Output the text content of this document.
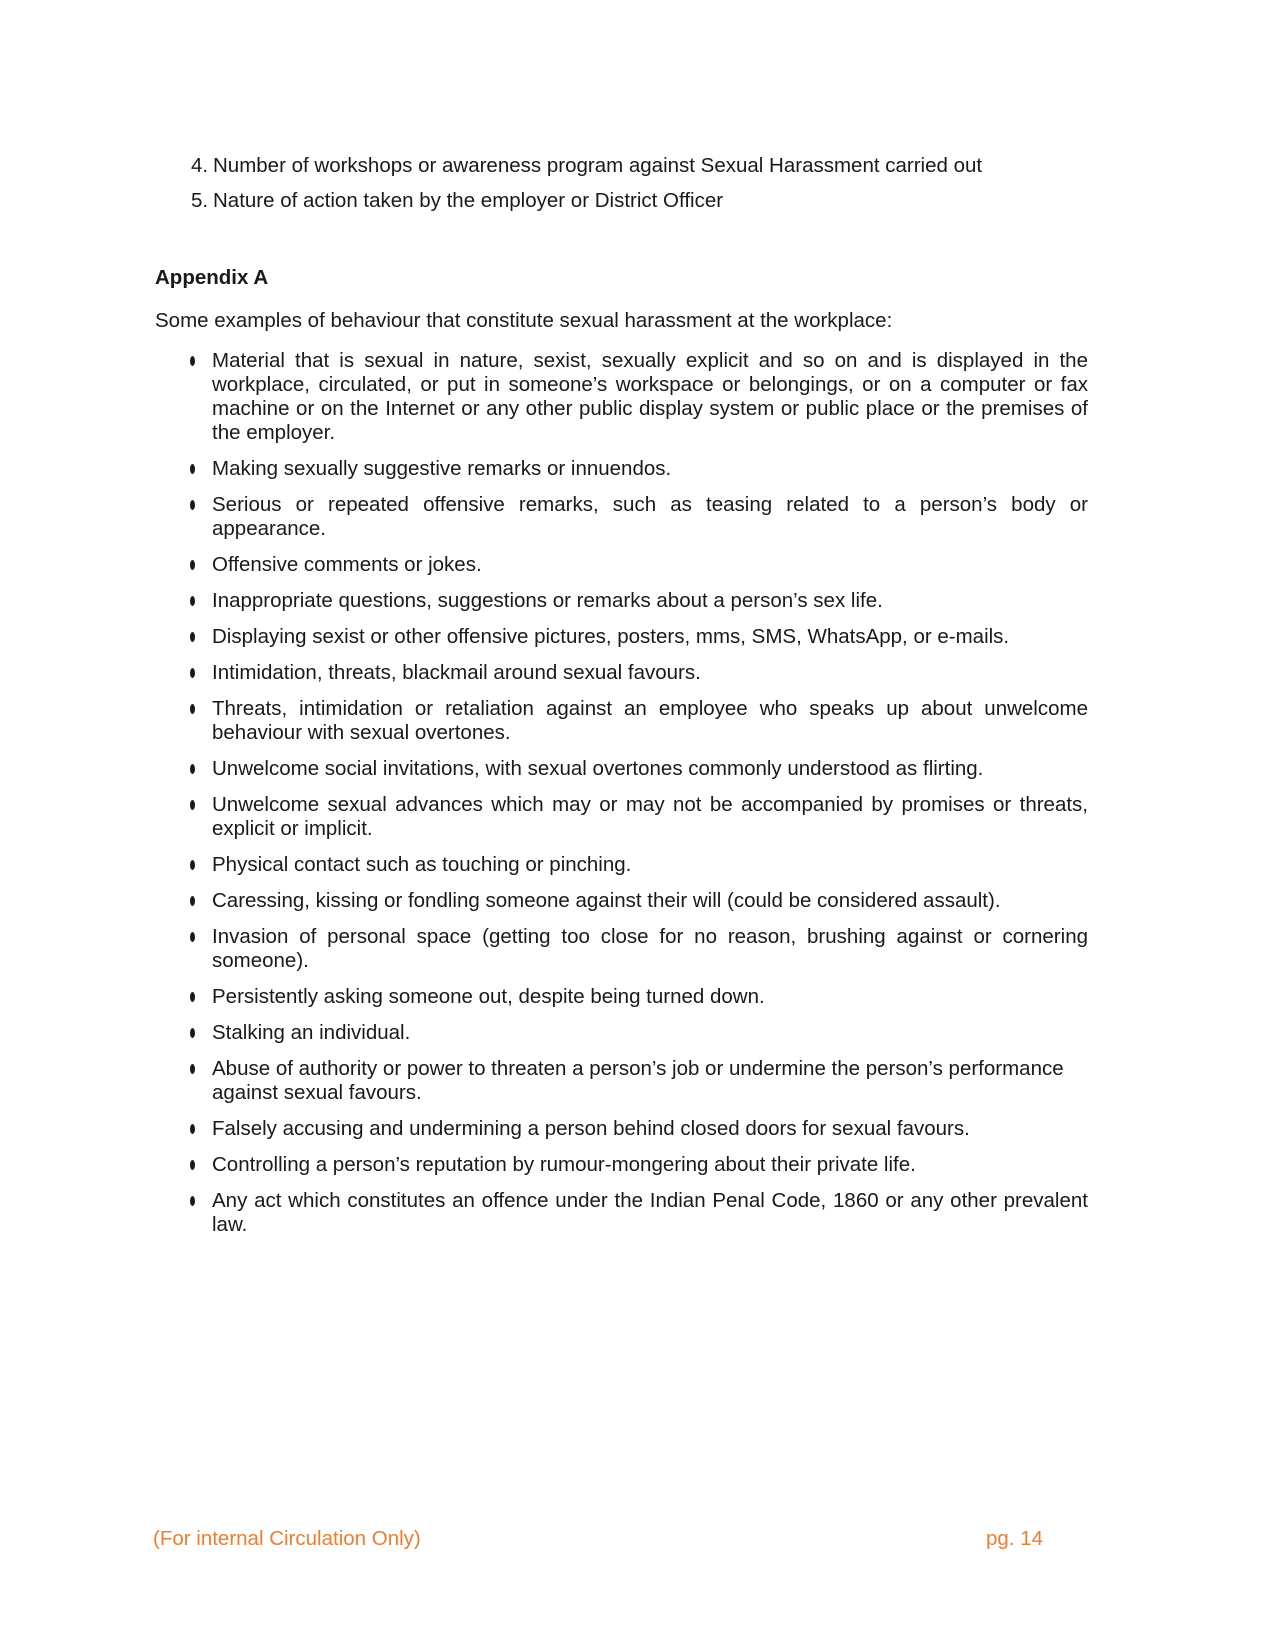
4. Number of workshops or awareness program against Sexual Harassment carried out
5. Nature of action taken by the employer or District Officer
Appendix A

Some examples of behaviour that constitute sexual harassment at the workplace:

Material that is sexual in nature, sexist, sexually explicit and so on and is displayed in the workplace, circulated, or put in someone’s workspace or belongings, or on a computer or fax machine or on the Internet or any other public display system or public place or the premises of the employer.
Making sexually suggestive remarks or innuendos.
Serious or repeated offensive remarks, such as teasing related to a person’s body or appearance.
Offensive comments or jokes.
Inappropriate questions, suggestions or remarks about a person’s sex life.
Displaying sexist or other offensive pictures, posters, mms, SMS, WhatsApp, or e-mails.
Intimidation, threats, blackmail around sexual favours.
Threats, intimidation or retaliation against an employee who speaks up about unwelcome behaviour with sexual overtones.
Unwelcome social invitations, with sexual overtones commonly understood as flirting.
Unwelcome sexual advances which may or may not be accompanied by promises or threats, explicit or implicit.
Physical contact such as touching or pinching.
Caressing, kissing or fondling someone against their will (could be considered assault).
Invasion of personal space (getting too close for no reason, brushing against or cornering someone).
Persistently asking someone out, despite being turned down.
Stalking an individual.
Abuse of authority or power to threaten a person’s job or undermine the person’s performance against sexual favours.
Falsely accusing and undermining a person behind closed doors for sexual favours.
Controlling a person’s reputation by rumour-mongering about their private life.
Any act which constitutes an offence under the Indian Penal Code, 1860 or any other prevalent law.
(For internal Circulation Only)	pg. 14
